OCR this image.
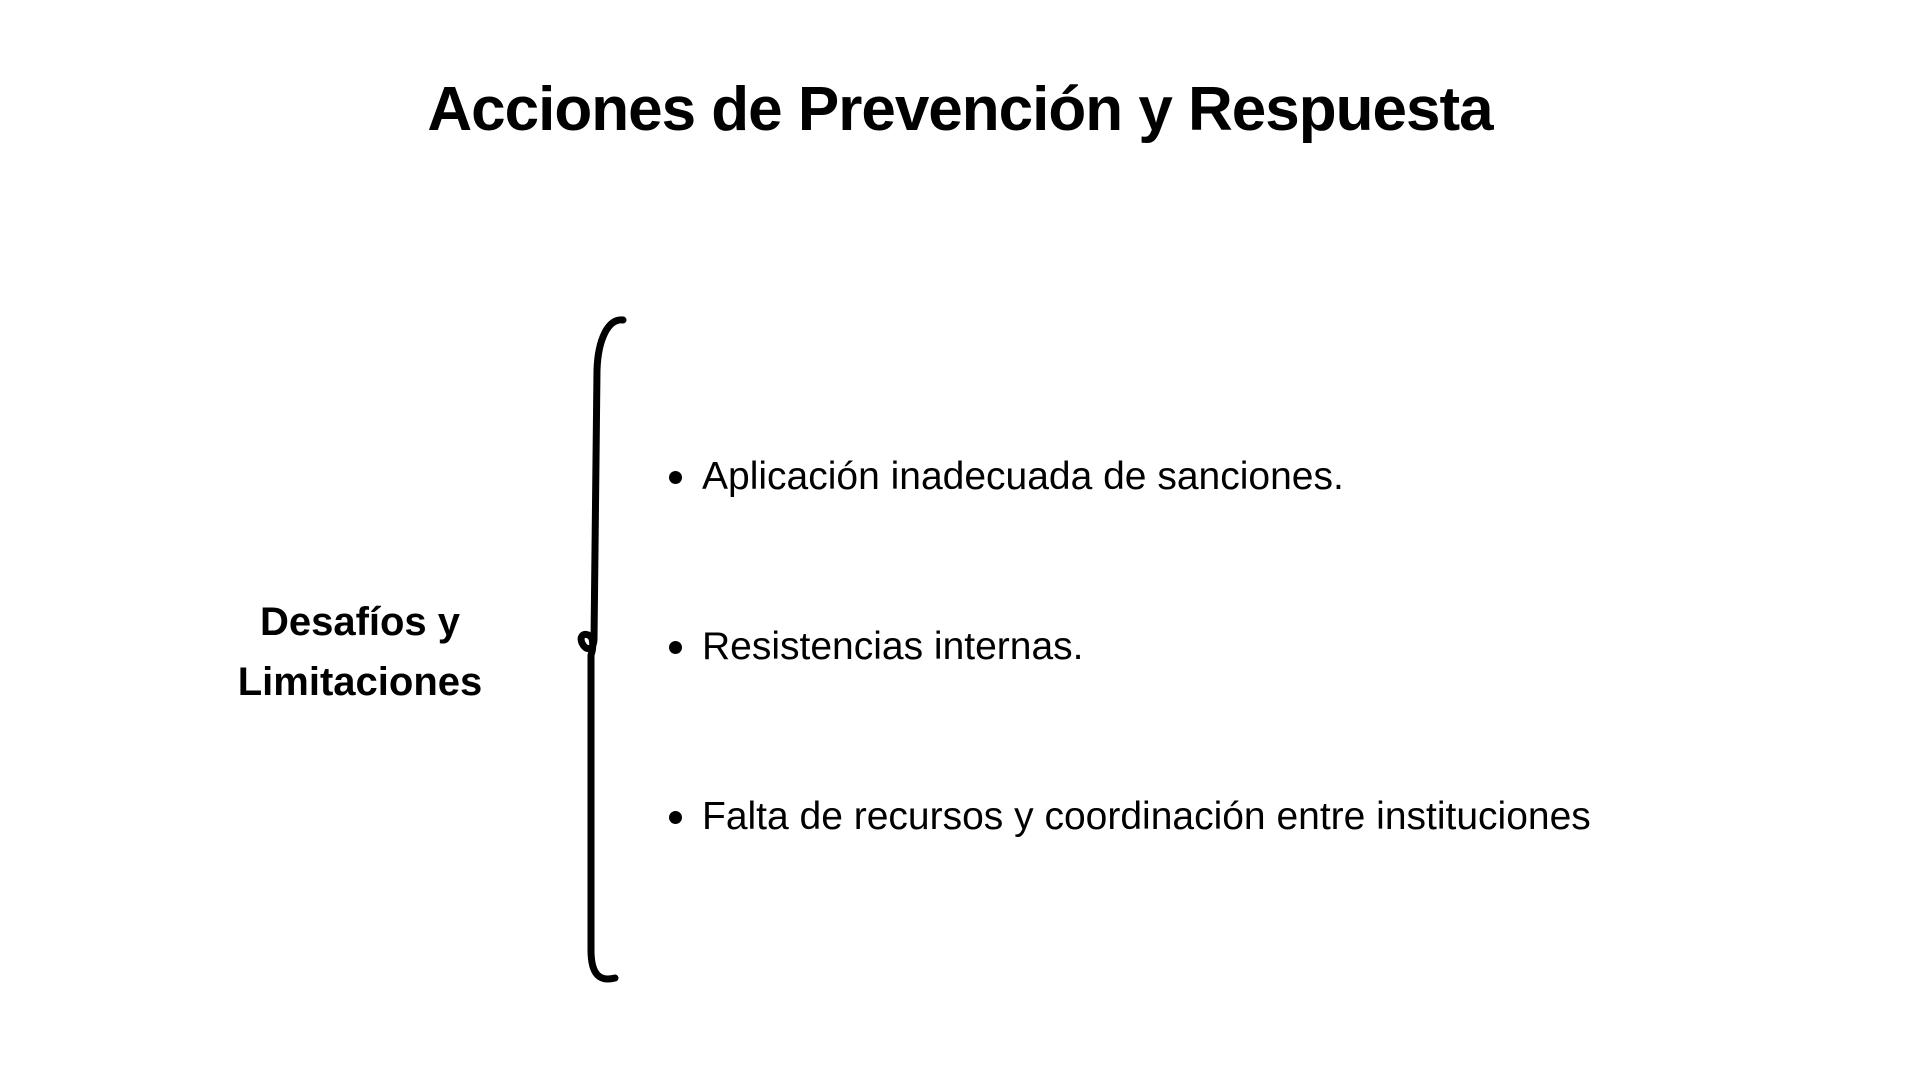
Acciones de Prevención y Respuesta
Desafíos y
Limitaciones
Aplicación inadecuada de sanciones.
Resistencias internas.
Falta de recursos y coordinación entre instituciones
